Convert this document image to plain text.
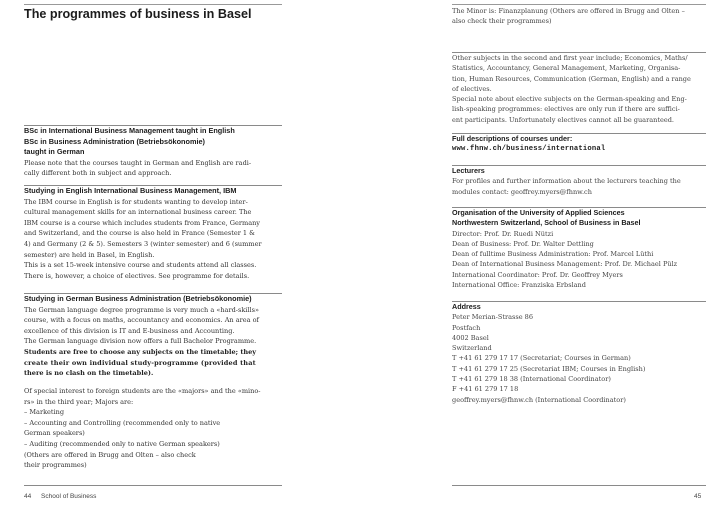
The programmes of business in Basel
BSc in International Business Management taught in English
BSc in Business Administration (Betriebsökonomie)
taught in German
Please note that the courses taught in German and English are radi-
cally different both in subject and approach.
Studying in English International Business Management, IBM
The IBM course in English is for students wanting to develop inter-
cultural management skills for an international business career. The
IBM course is a course which includes students from France, Germany
and Switzerland, and the course is also held in France (Semester 1 &
4) and Germany (2 & 5). Semesters 3 (winter semester) and 6 (summer
semester) are held in Basel, in English.
This is a set 15-week intensive course and students attend all classes.
There is, however, a choice of electives. See programme for details.
Studying in German Business Administration (Betriebsökonomie)
The German language degree programme is very much a «hard-skills»
course, with a focus on maths, accountancy and economics. An area of
excellence of this division is IT and E-business and Accounting.
The German language division now offers a full Bachelor Programme.
Students are free to choose any subjects on the timetable; they
create their own individual study-programme (provided that
there is no clash on the timetable).
Of special interest to foreign students are the «majors» and the «mino-
rs» in the third year; Majors are:
– Marketing
– Accounting and Controlling (recommended only to native
German speakers)
– Auditing (recommended only to native German speakers)
(Others are offered in Brugg and Olten – also check
their programmes)
The Minor is: Finanzplanung (Others are offered in Brugg and Olten –
also check their programmes)
Other subjects in the second and first year include; Economics, Maths/
Statistics, Accountancy, General Management, Marketing, Organisa-
tion, Human Resources, Communication (German, English) and a range
of electives.
Special note about elective subjects on the German-speaking and Eng-
lish-speaking programmes: electives are only run if there are suffici-
ent participants. Unfortunately electives cannot all be guaranteed.
Full descriptions of courses under:
www.fhnw.ch/business/international
Lecturers
For profiles and further information about the lecturers teaching the
modules contact: geoffrey.myers@fhnw.ch
Organisation of the University of Applied Sciences
Northwestern Switzerland, School of Business in Basel
Director: Prof. Dr. Ruedi Nützi
Dean of Business: Prof. Dr. Walter Dettling
Dean of fulltime Business Administration: Prof. Marcel Lüthi
Dean of International Business Management: Prof. Dr. Michael Pülz
International Coordinator: Prof. Dr. Geoffrey Myers
International Office: Franziska Erbsland
Address
Peter Merian-Strasse 86
Postfach
4002 Basel
Switzerland
T +41 61 279 17 17 (Secretariat; Courses in German)
T +41 61 279 17 25 (Secretariat IBM; Courses in English)
T +41 61 279 18 38 (International Coordinator)
F +41 61 279 17 18
geoffrey.myers@fhnw.ch (International Coordinator)
44 School of Business	45
